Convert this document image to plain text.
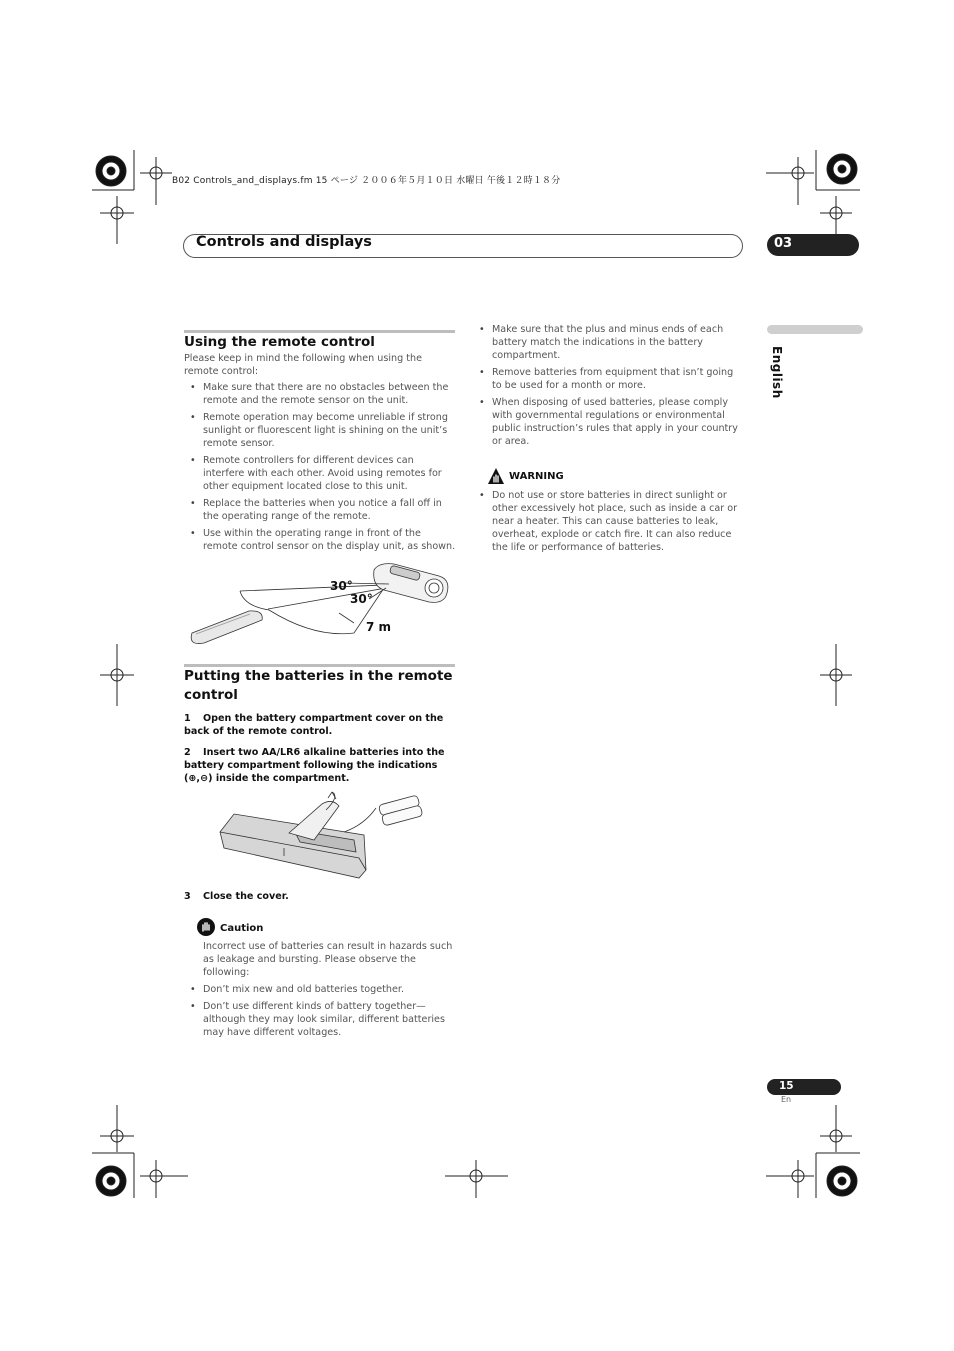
B02 Controls_and_displays.fm 15 ページ ２００６年５月１０日 水曜日 午後１２時１８分
Controls and displays	03
English
Using the remote control
Please keep in mind the following when using the remote control:
• Make sure that there are no obstacles between the remote and the remote sensor on the unit.
• Remote operation may become unreliable if strong sunlight or fluorescent light is shining on the unit’s remote sensor.
• Remote controllers for different devices can interfere with each other. Avoid using remotes for other equipment located close to this unit.
• Replace the batteries when you notice a fall off in the operating range of the remote.
• Use within the operating range in front of the remote control sensor on the display unit, as shown.
30°
30°
7 m
Putting the batteries in the remote control
1 Open the battery compartment cover on the back of the remote control.
2 Insert two AA/LR6 alkaline batteries into the battery compartment following the indications (⊕,⊖) inside the compartment.
3 Close the cover.
Caution
Incorrect use of batteries can result in hazards such as leakage and bursting. Please observe the following:
• Don’t mix new and old batteries together.
• Don’t use different kinds of battery together—although they may look similar, different batteries may have different voltages.
• Make sure that the plus and minus ends of each battery match the indications in the battery compartment.
• Remove batteries from equipment that isn’t going to be used for a month or more.
• When disposing of used batteries, please comply with governmental regulations or environmental public instruction’s rules that apply in your country or area.
WARNING
• Do not use or store batteries in direct sunlight or other excessively hot place, such as inside a car or near a heater. This can cause batteries to leak, overheat, explode or catch fire. It can also reduce the life or performance of batteries.
15
En
